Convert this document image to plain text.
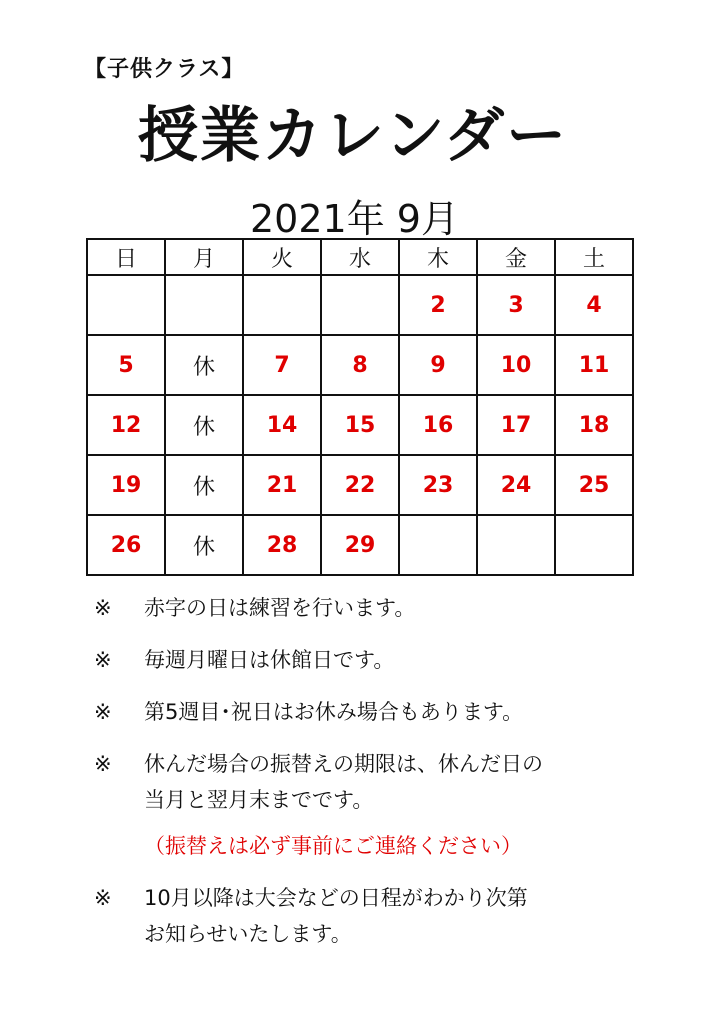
【子供クラス】
授業カレンダー
2021年 9月
日	月	火	水	木	金	土
				2	3	4
5	休	7	8	9	10	11
12	休	14	15	16	17	18
19	休	21	22	23	24	25
26	休	28	29			
※	赤字の日は練習を行います。
※	毎週月曜日は休館日です。
※	第5週目･祝日はお休み場合もあります。
※	休んだ場合の振替えの期限は、休んだ日の
当月と翌月末までです。
（振替えは必ず事前にご連絡ください）
※	10月以降は大会などの日程がわかり次第
お知らせいたします。
